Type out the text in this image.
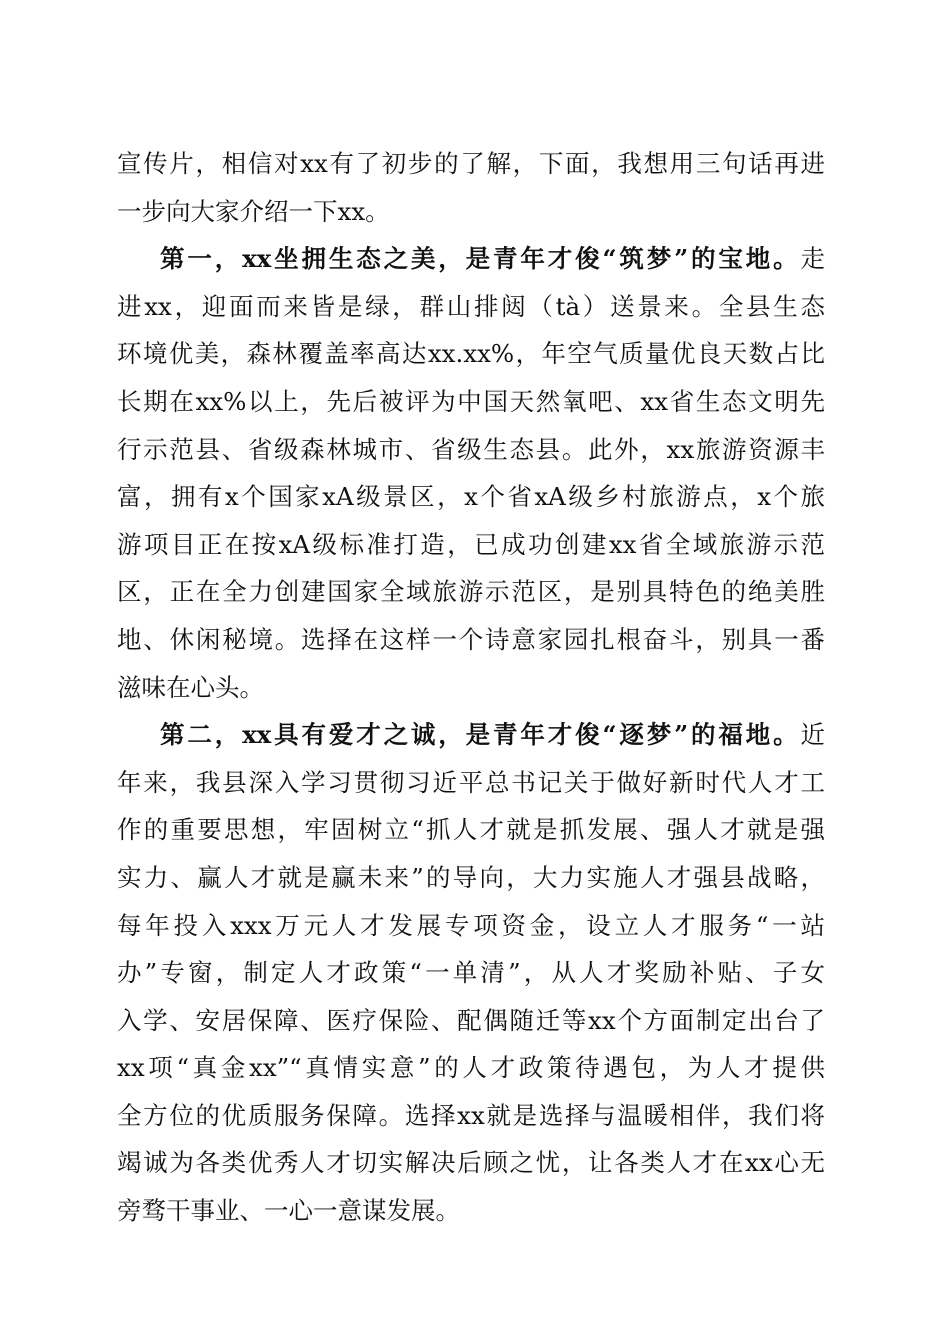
宣传片，相信对xx有了初步的了解，下面，我想用三句话再进
一步向大家介绍一下xx。
第一，xx坐拥生态之美，是青年才俊“筑梦”的宝地。走
进xx，迎面而来皆是绿，群山排闼（tà）送景来。全县生态
环境优美，森林覆盖率高达xx.xx%，年空气质量优良天数占比
长期在xx%以上，先后被评为中国天然氧吧、xx省生态文明先
行示范县、省级森林城市、省级生态县。此外，xx旅游资源丰
富，拥有x个国家xA级景区，x个省xA级乡村旅游点，x个旅
游项目正在按xA级标准打造，已成功创建xx省全域旅游示范
区，正在全力创建国家全域旅游示范区，是别具特色的绝美胜
地、休闲秘境。选择在这样一个诗意家园扎根奋斗，别具一番
滋味在心头。
第二，xx具有爱才之诚，是青年才俊“逐梦”的福地。近
年来，我县深入学习贯彻习近平总书记关于做好新时代人才工
作的重要思想，牢固树立“抓人才就是抓发展、强人才就是强
实力、赢人才就是赢未来”的导向，大力实施人才强县战略，
每年投入xxx万元人才发展专项资金，设立人才服务“一站
办”专窗，制定人才政策“一单清”，从人才奖励补贴、子女
入学、安居保障、医疗保险、配偶随迁等xx个方面制定出台了
xx项“真金xx”“真情实意”的人才政策待遇包，为人才提供
全方位的优质服务保障。选择xx就是选择与温暖相伴，我们将
竭诚为各类优秀人才切实解决后顾之忧，让各类人才在xx心无
旁骛干事业、一心一意谋发展。
